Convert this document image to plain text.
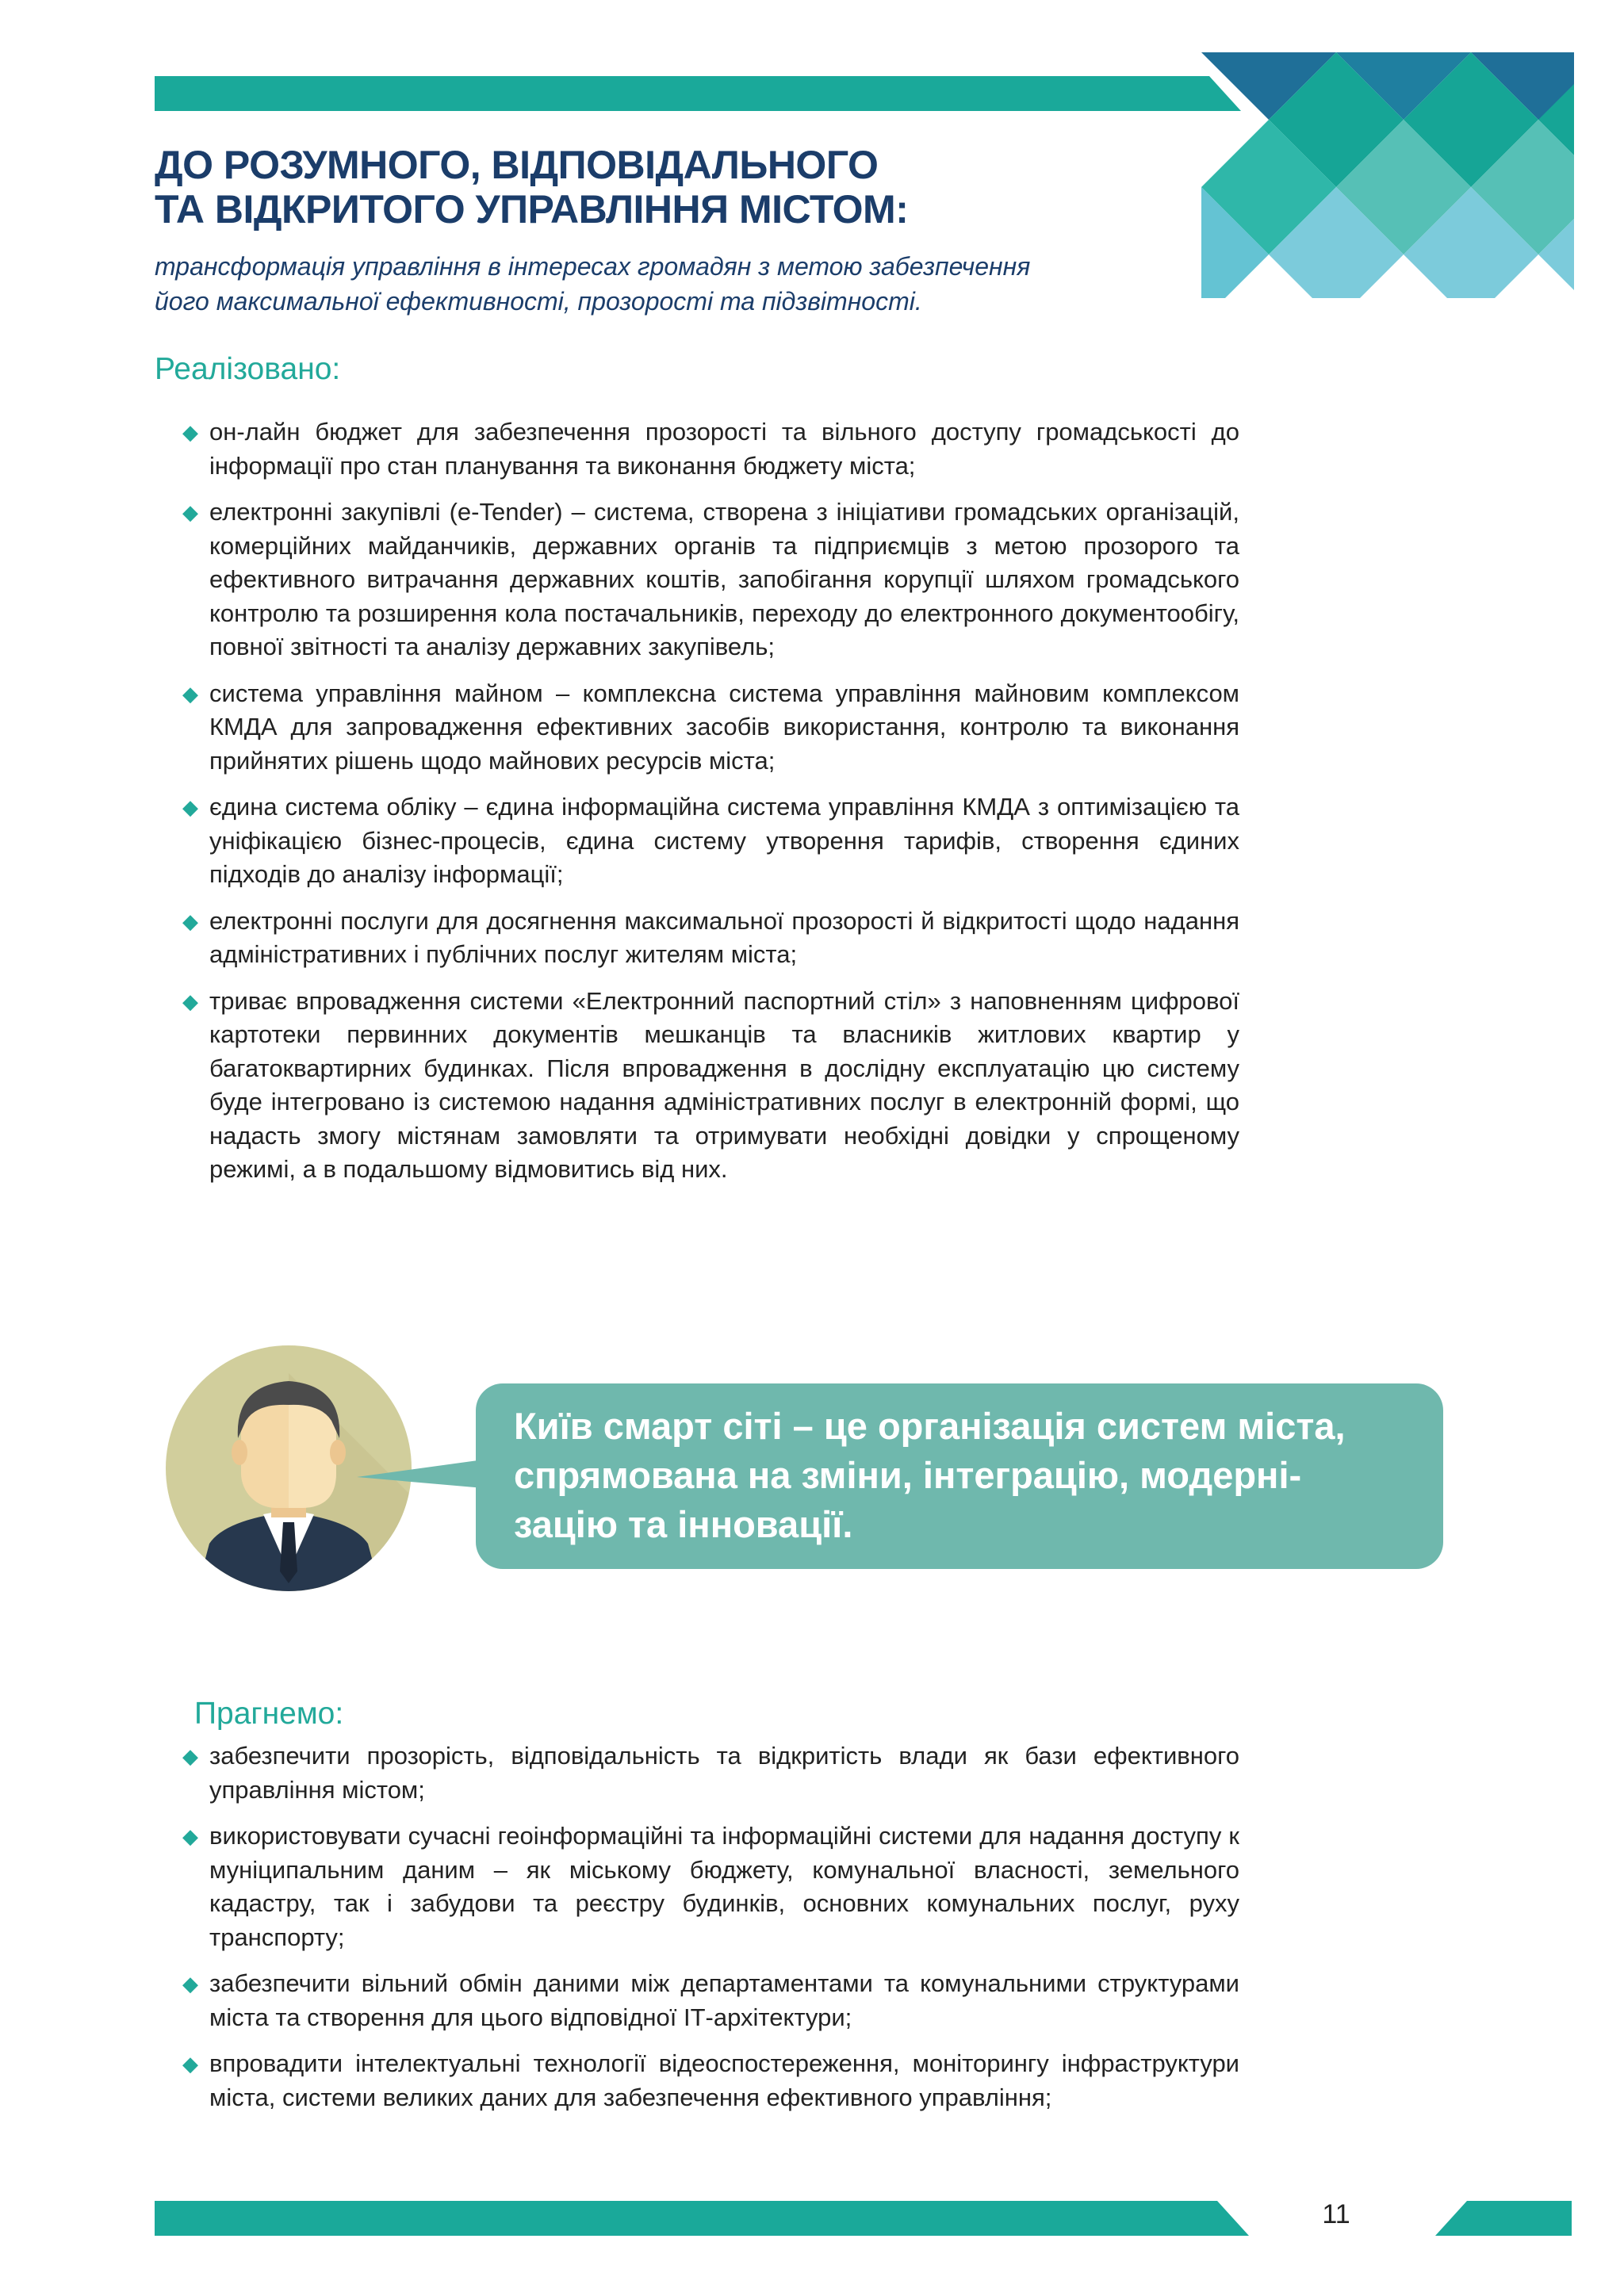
ДО РОЗУМНОГО, ВІДПОВІДАЛЬНОГО
ТА ВІДКРИТОГО УПРАВЛІННЯ МІСТОМ:

трансформація управління в інтересах громадян з метою забезпечення
його максимальної ефективності, прозорості та підзвітності.

Реалізовано:
◆ он-лайн бюджет для забезпечення прозорості та вільного доступу громадськості до інформації про стан планування та виконання бюджету міста;
◆ електронні закупівлі (e-Tender) – система, створена з ініціативи громадських організацій, комерційних майданчиків, державних органів та підприємців з метою прозорого та ефективного витрачання державних коштів, запобігання корупції шляхом громадського контролю та розширення кола постачальників, переходу до електронного документообігу, повної звітності та аналізу державних закупівель;
◆ система управління майном – комплексна система управління майновим комплексом КМДА для запровадження ефективних засобів використання, контролю та виконання прийнятих рішень щодо майнових ресурсів міста;
◆ єдина система обліку – єдина інформаційна система управління КМДА з оптимізацією та уніфікацією бізнес-процесів, єдина систему утворення тарифів, створення єдиних підходів до аналізу інформації;
◆ електронні послуги для досягнення максимальної прозорості й відкритості щодо надання адміністративних і публічних послуг жителям міста;
◆ триває впровадження системи «Електронний паспортний стіл» з наповненням цифрової картотеки первинних документів мешканців та власників житлових квартир у багатоквартирних будинках. Після впровадження в дослідну експлуатацію цю систему буде інтегровано із системою надання адміністративних послуг в електронній формі, що надасть змогу містянам замовляти та отримувати необхідні довідки у спрощеному режимі, а в подальшому відмовитись від них.

Київ смарт сіті – це організація систем міста,
спрямована на зміни, інтеграцію, модерні-
зацію та інновації.

Прагнемо:
◆ забезпечити прозорість, відповідальність та відкритість влади як бази ефективного управління містом;
◆ використовувати сучасні геоінформаційні та інформаційні системи для надання доступу к муніципальним даним – як міському бюджету, комунальної власності, земельного кадастру, так і забудови та реєстру будинків, основних комунальних послуг, руху транспорту;
◆ забезпечити вільний обмін даними між департаментами та комунальними структурами міста та створення для цього відповідної ІТ-архітектури;
◆ впровадити інтелектуальні технології відеоспостереження, моніторингу інфраструктури міста, системи великих даних для забезпечення ефективного управління;
11
